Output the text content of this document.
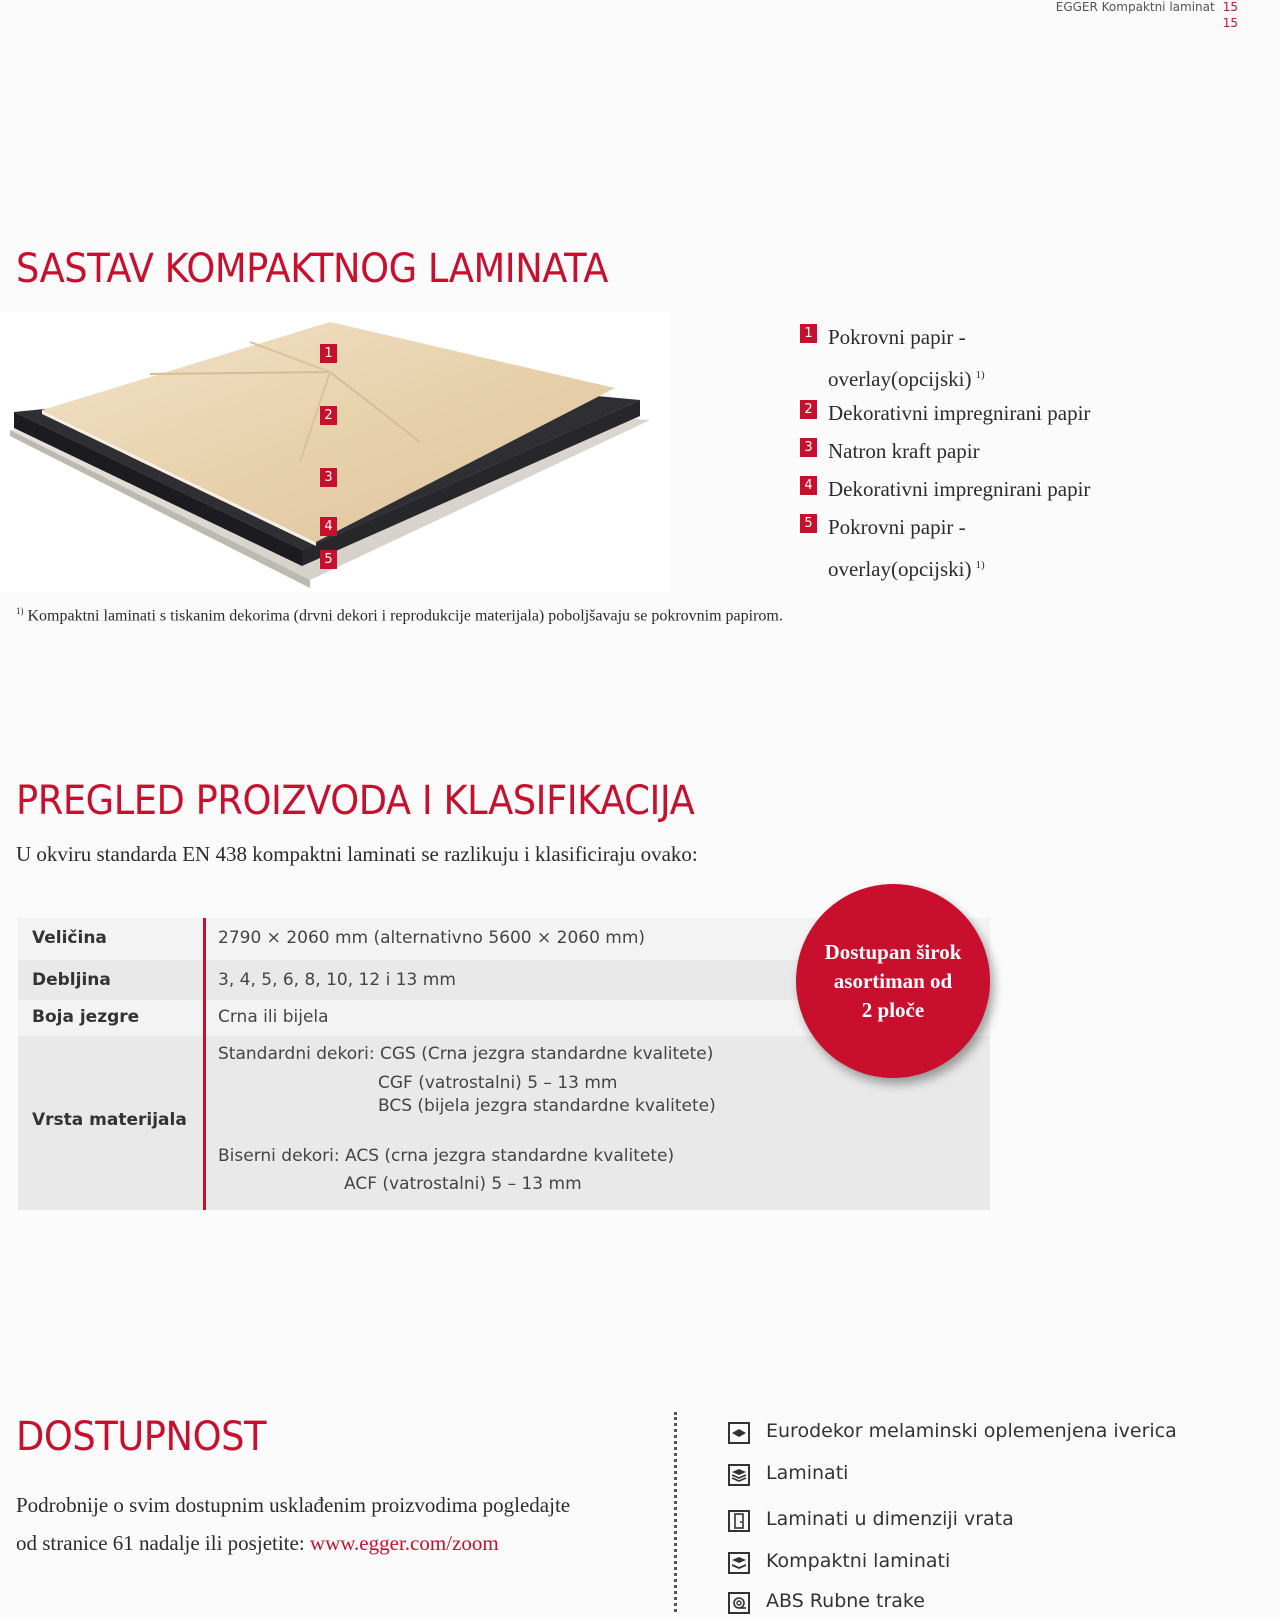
EGGER Kompaktni laminat 15
15
SASTAV KOMPAKTNOG LAMINATA
1
2
3
4
5
1 Pokrovni papir -
overlay(opcijski) $^{1)}$
2 Dekorativni impregnirani papir
3 Natron kraft papir
4 Dekorativni impregnirani papir
5 Pokrovni papir -
overlay(opcijski) $^{1)}$
$^{1)}$ Kompaktni laminati s tiskanim dekorima (drvni dekori i reprodukcije materijala) poboljšavaju se pokrovnim papirom.
PREGLED PROIZVODA I KLASIFIKACIJA
U okviru standarda EN 438 kompaktni laminati se razlikuju i klasificiraju ovako:
Veličina	2790 × 2060 mm (alternativno 5600 × 2060 mm)
Debljina	3, 4, 5, 6, 8, 10, 12 i 13 mm
Boja jezgre	Crna ili bijela
Vrsta materijala
Standardni dekori: CGS (Crna jezgra standardne kvalitete)
CGF (vatrostalni) 5 – 13 mm
BCS (bijela jezgra standardne kvalitete)
Biserni dekori: ACS (crna jezgra standardne kvalitete)
ACF (vatrostalni) 5 – 13 mm
Dostupan širok
asortiman od
2 ploče
DOSTUPNOST
Podrobnije o svim dostupnim usklađenim proizvodima pogledajte
od stranice 61 nadalje ili posjetite: www.egger.com/zoom
Eurodekor melaminski oplemenjena iverica
Laminati
Laminati u dimenziji vrata
Kompaktni laminati
ABS Rubne trake
